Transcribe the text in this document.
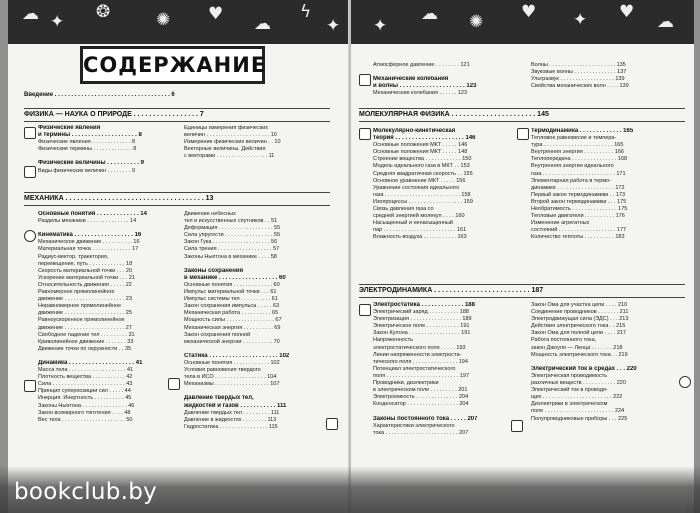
☁ ✦ ❂	✺ ♥ ☁
ϟ
✦
СОДЕРЖАНИЕ
Введение . . . . . . . . . . . . . . . . . . . . . . . . . . . . . . . . . . . 6
ФИЗИКА — НАУКА О ПРИРОДЕ . . . . . . . . . . . . . . . . . 7
Физические явления
и термины . . . . . . . . . . . . . . . . . . . . 8
Физические явления . . . . . . . . . . . . . 8
Физические термины . . . . . . . . . . . . . 8
Физические величины . . . . . . . . . . 9
Виды физических величин . . . . . . . . 9
Единицы измерения физических
величин . . . . . . . . . . . . . . . . . . . . . 10
Измерение физических величин . . 10
Векторные величины. Действия
с векторами . . . . . . . . . . . . . . . . . 11
МЕХАНИКА . . . . . . . . . . . . . . . . . . . . . . . . . . . . . . . . . . . . 13
Основные понятия . . . . . . . . . . . . . 14
Разделы механики . . . . . . . . . . . . . . 14
Кинематика . . . . . . . . . . . . . . . . . . 16
Механическое движение . . . . . . . . . . 16
Материальная точка . . . . . . . . . . . . . 17
Радиус-вектор, траектория,
перемещение, путь . . . . . . . . . . . . 18
Скорость материальной точки . . . 20
Ускорение материальной точки . . . 21
Относительность движения . . . . . 22
Равномерное прямолинейное
движение . . . . . . . . . . . . . . . . . . . . 23
Неравномерное прямолинейное
движение . . . . . . . . . . . . . . . . . . . . 25
Равноускоренное прямолинейное
движение . . . . . . . . . . . . . . . . . . . . 27
Свободное падение тел . . . . . . . . . 31
Криволинейное движение . . . . . . . 33
Движение точки по окружности . . 35
Динамика . . . . . . . . . . . . . . . . . . . . 41
Масса тела . . . . . . . . . . . . . . . . . . . 41
Плотность вещества . . . . . . . . . . . 42
Сила . . . . . . . . . . . . . . . . . . . . . . . . 43
Принцип суперпозиции сил . . . . . 44
Инерция. Инертность . . . . . . . . . . 45
Законы Ньютона . . . . . . . . . . . . . . . 46
Закон всемирного тяготения . . . . 48
Вес тела . . . . . . . . . . . . . . . . . . . . . 50
Движение небесных
тел и искусственных спутников . . 51
Деформация . . . . . . . . . . . . . . . . . . 55
Сила упругости . . . . . . . . . . . . . . . . 55
Закон Гука . . . . . . . . . . . . . . . . . . . 56
Сила трения . . . . . . . . . . . . . . . . . . 57
Законы Ньютона в механике . . . . 58
Законы сохранения
в механике . . . . . . . . . . . . . . . . . . 60
Основные понятия . . . . . . . . . . . . . 60
Импульс материальной точки . . . 61
Импульс системы тел . . . . . . . . . . 61
Закон сохранения импульса . . . . . 63
Механическая работа . . . . . . . . . . 65
Мощность силы . . . . . . . . . . . . . . . . 67
Механическая энергия . . . . . . . . . . 69
Закон сохранения полной
механической энергии . . . . . . . . . . 70
Статика . . . . . . . . . . . . . . . . . . . . . 102
Основные понятия . . . . . . . . . . . . 102
Условия равновесия твердого
тела в ИСО . . . . . . . . . . . . . . . . . 104
Механизмы . . . . . . . . . . . . . . . . . . 107
Давление твердых тел,
жидкостей и газов . . . . . . . . . . . 111
Давление твердых тел . . . . . . . . . 111
Давление в жидкостях . . . . . . . . 113
Гидростатика . . . . . . . . . . . . . . . . 115
✦
☁ ✺ ♥ ✦ ♥ ☁
Атмосферное давление . . . . . . . . 121
Механические колебания
и волны . . . . . . . . . . . . . . . . . . . . 123
Механические колебания . . . . . . 123
Волны . . . . . . . . . . . . . . . . . . . . . . 135
Звуковые волны . . . . . . . . . . . . . . 137
Ультразвук . . . . . . . . . . . . . . . . . . 139
Свойства механических волн . . . . 139
МОЛЕКУЛЯРНАЯ ФИЗИКА . . . . . . . . . . . . . . . . . . . . . . 145
Молекулярно-кинетическая
теория . . . . . . . . . . . . . . . . . . . . . 146
Основные положения МКТ . . . . . 146
Основные положения МКТ . . . . . 148
Строение вещества . . . . . . . . . . . . 150
Модель идеального газа в МКТ . . 153
Средняя квадратичная скорость . . 155
Основное уравнение МКТ . . . . . 156
Уравнение состояния идеального
газа . . . . . . . . . . . . . . . . . . . . . . . . . 158
Изопроцессы . . . . . . . . . . . . . . . . . . 159
Связь давления газа со
средней энергией молекул . . . . 160
Насыщенный и ненасыщенный
пар . . . . . . . . . . . . . . . . . . . . . . . . 161
Влажность воздуха . . . . . . . . . . . 163
Термодинамика . . . . . . . . . . . . . 165
Тепловое равновесие и темпера-
тура . . . . . . . . . . . . . . . . . . . . . . . 165
Внутренняя энергия . . . . . . . . . . 166
Теплопередача . . . . . . . . . . . . . . . 168
Внутренняя энергия идеального
газа . . . . . . . . . . . . . . . . . . . . . . . . 171
Элементарная работа в термо-
динамике . . . . . . . . . . . . . . . . . . . 172
Первый закон термодинамики . . 173
Второй закон термодинамики . . . 175
Необратимость . . . . . . . . . . . . . . . 175
Тепловые двигатели . . . . . . . . . . 176
Изменение агрегатных
состояний . . . . . . . . . . . . . . . . . . . 177
Количество теплоты . . . . . . . . . . 183
ЭЛЕКТРОДИНАМИКА . . . . . . . . . . . . . . . . . . . . . . . . . 187
Электростатика . . . . . . . . . . . . . 188
Электрический заряд . . . . . . . . . . 188
Электризация . . . . . . . . . . . . . . . . . 189
Электрическое поле . . . . . . . . . . . 191
Закон Кулона . . . . . . . . . . . . . . . . . 191
Напряженность
электростатического поля . . . . . 193
Линии напряженности электроста-
тического поля . . . . . . . . . . . . . . . 194
Потенциал электростатического
поля . . . . . . . . . . . . . . . . . . . . . . . . 197
Проводники, диэлектрики
в электрическом поле . . . . . . . . . 201
Электроемкость . . . . . . . . . . . . . . 204
Конденсатор . . . . . . . . . . . . . . . . . 204
Законы постоянного тока . . . . . 207
Характеристики электрического
тока . . . . . . . . . . . . . . . . . . . . . . . . 207
Закон Ома для участка цепи . . . . 210
Соединение проводников . . . . . . . 211
Электродвижущая сила (ЭДС) . . . 213
Действия электрического тока . . 215
Закон Ома для полной цепи . . . . 217
Работа постоянного тока,
закон Джоуля — Ленца . . . . . . . 218
Мощность электрического тока . . 219
Электрический ток в средах . . . 220
Электрическая проводимость
различных веществ . . . . . . . . . . . 220
Электрический ток в проводя-
щих . . . . . . . . . . . . . . . . . . . . . . . 222
Диэлектрики в электрическом
поле . . . . . . . . . . . . . . . . . . . . . . . 224
Полупроводниковые приборы . . . 225
bookclub.by
